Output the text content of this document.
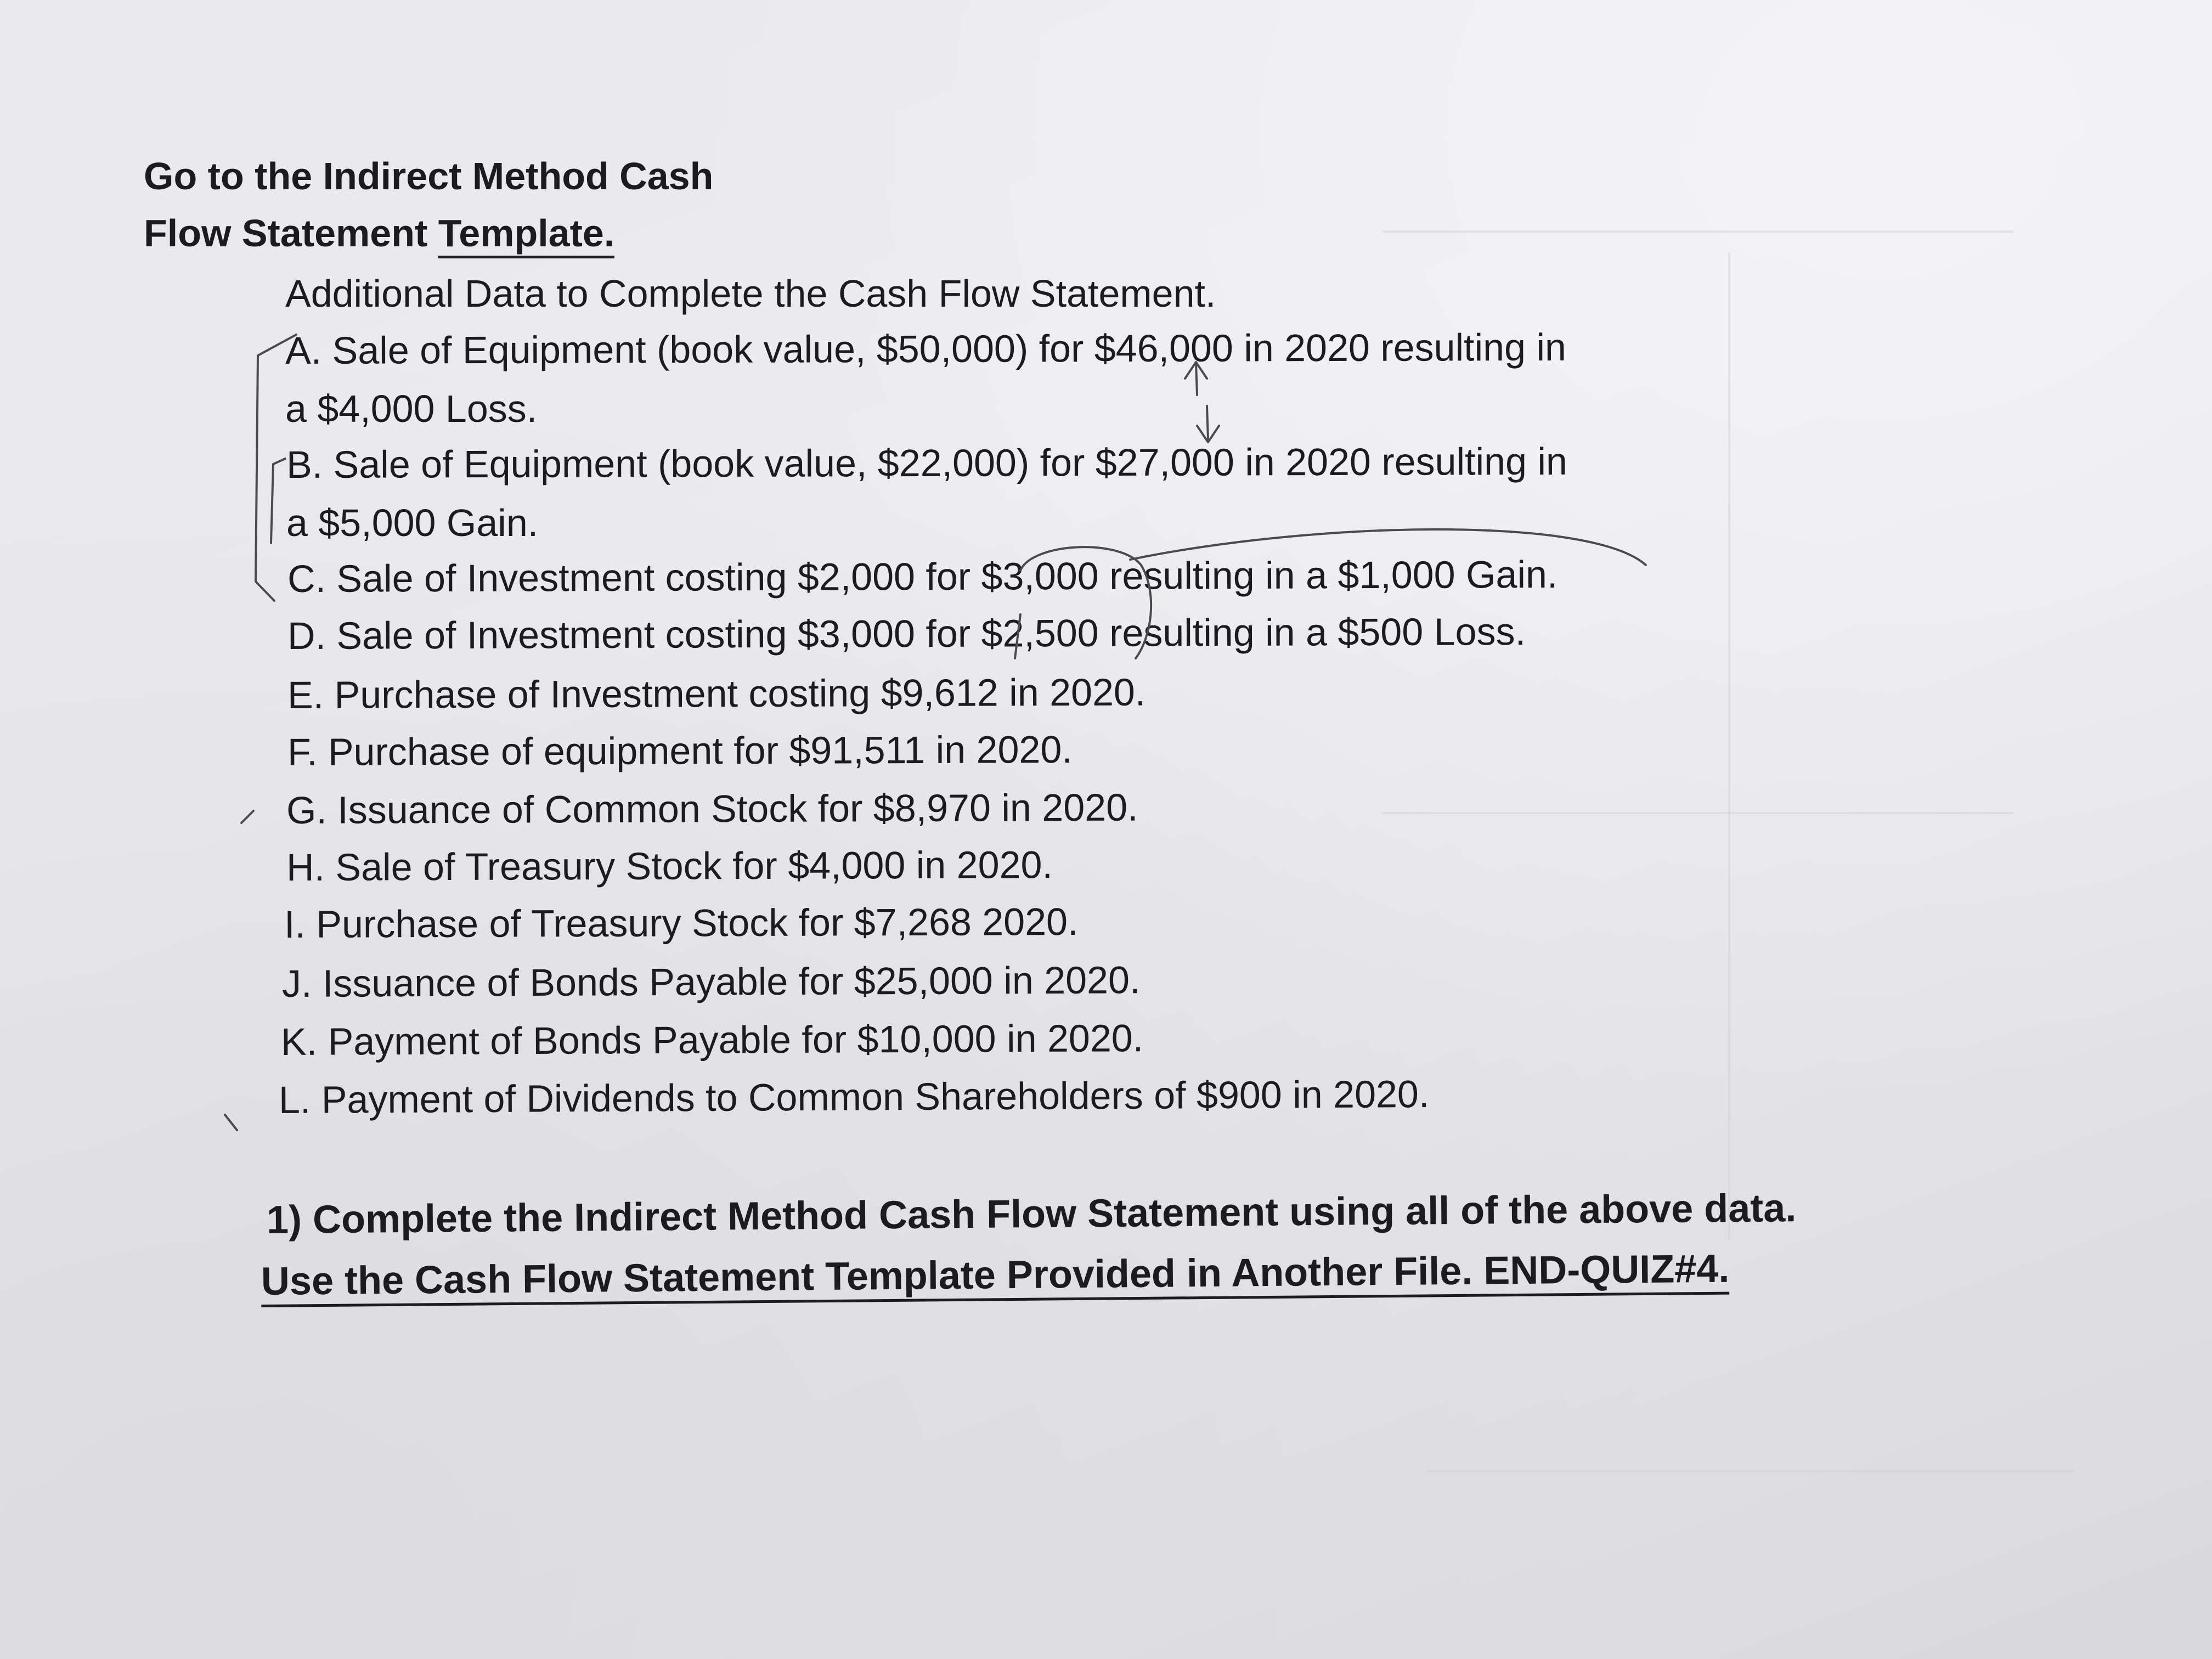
Go to the Indirect Method Cash
Flow Statement Template.
Additional Data to Complete the Cash Flow Statement.
A. Sale of Equipment (book value, $50,000) for $46,000 in 2020 resulting in
a $4,000 Loss.
B. Sale of Equipment (book value, $22,000) for $27,000 in 2020 resulting in
a $5,000 Gain.
C. Sale of Investment costing $2,000 for $3,000 resulting in a $1,000 Gain.
D. Sale of Investment costing $3,000 for $2,500 resulting in a $500 Loss.
E. Purchase of Investment costing $9,612 in 2020.
F. Purchase of equipment for $91,511 in 2020.
G. Issuance of Common Stock for $8,970 in 2020.
H. Sale of Treasury Stock for $4,000 in 2020.
I. Purchase of Treasury Stock for $7,268 2020.
J. Issuance of Bonds Payable for $25,000 in 2020.
K. Payment of Bonds Payable for $10,000 in 2020.
L. Payment of Dividends to Common Shareholders of $900 in 2020.
1) Complete the Indirect Method Cash Flow Statement using all of the above data.
Use the Cash Flow Statement Template Provided in Another File. END-QUIZ#4.
